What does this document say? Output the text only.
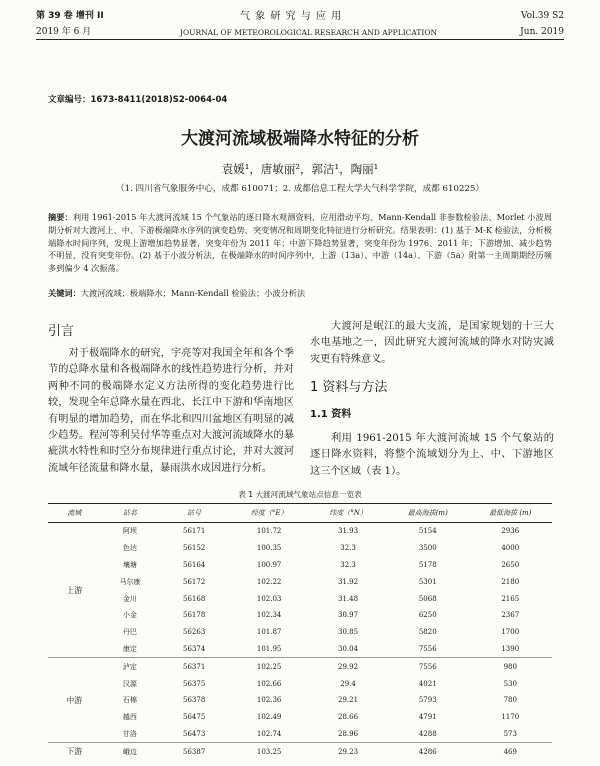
第 39 卷 增刊 II	气 象 研 究 与 应 用	Vol.39 S2
2019 年 6 月	JOURNAL OF METEOROLOGICAL RESEARCH AND APPLICATION	Jun. 2019
文章编号：1673-8411(2018)S2-0064-04
大渡河流域极端降水特征的分析
袁媛¹，唐敏丽²，郭洁¹，陶丽¹
（1. 四川省气象服务中心，成都 610071；2. 成都信息工程大学大气科学学院，成都 610225）
摘要：利用 1961-2015 年大渡河流域 15 个气象站的逐日降水观测资料，应用滑动平均、Mann-Kendall 非参数检验法、Morlet 小波周期分析对大渡河上、中、下游极端降水序列的演变趋势、突变情况和周期变化特征进行分析研究。结果表明：(1) 基于 M-K 检验法，分析极端降水时间序列，发现上游增加趋势显著，突变年份为 2011 年；中游下降趋势显著，突变年份为 1976、2011 年；下游增加、减少趋势不明显，没有突变年份。(2) 基于小波分析法，在极端降水的时间序列中，上游（13a）、中游（14a）、下游（5a）附第一主周期期经历频多到偏少 4 次振荡。
关键词：大渡河流域；极端降水；Mann-Kendall 检验法；小波分析法
引言
对于极端降水的研究，宇亮等对我国全年和各个季节的总降水量和各极端降水的线性趋势进行分析，并对两种不同的极端降水定义方法所得的变化趋势进行比较，发现全年总降水量在西北、长江中下游和华南地区有明显的增加趋势，而在华北和四川盆地区有明显的减少趋势。程河等利吴付华等重点对大渡河流域降水的暴疵洪水特性和时空分布规律进行重点讨论，并对大渡河流域年径流量和降水量，暴雨洪水成因进行分析。
大渡河是岷江的最大支流，是国家规划的十三大水电基地之一，因此研究大渡河流域的降水对防灾减灾更有特殊意义。
1 资料与方法
1.1 资料
利用 1961-2015 年大渡河流域 15 个气象站的逐日降水资料，将整个流域划分为上、中、下游地区这三个区域（表 1）。
表 1 大渡河流域气象站点信息一览表
流域	站名	站号	经度（°E）	纬度（°N）	最高海拔(m)	最低海拔 (m)
上游	阿坝	56171	101.72	31.93	5154	2936
	色达	56152	100.35	32.3	3500	4000
	壤塘	56164	100.97	32.3	5178	2650
	马尔康	56172	102.22	31.92	5301	2180
	金川	56168	102.03	31.48	5068	2165
	小金	56178	102.34	30.97	6250	2367
	丹巴	56263	101.87	30.85	5820	1700
	康定	56374	101.95	30.04	7556	1390
中游	泸定	56371	102.25	29.92	7556	980
	汉源	56375	102.66	29.4	4021	530
	石棉	56378	102.36	29.21	5793	780
	越西	56475	102.49	28.66	4791	1170
	甘洛	56473	102.74	28.96	4288	573
下游	峨边	56387	103.25	29.23	4286	469
